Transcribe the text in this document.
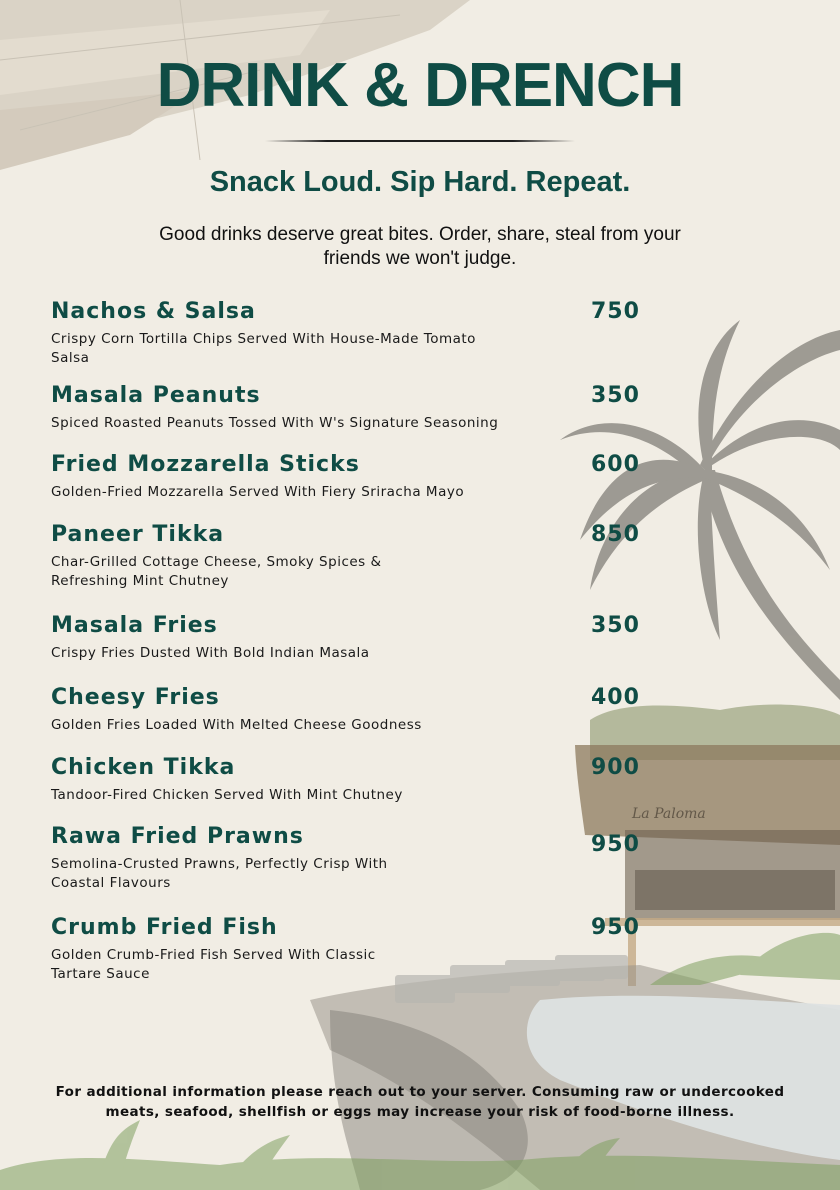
La Paloma
DRINK & DRENCH
Snack Loud. Sip Hard. Repeat.

Good drinks deserve great bites. Order, share, steal from your friends we won't judge.

Nachos & Salsa
Crispy Corn Tortilla Chips Served With House-Made Tomato Salsa
750
Masala Peanuts
Spiced Roasted Peanuts Tossed With W's Signature Seasoning
350
Fried Mozzarella Sticks
Golden-Fried Mozzarella Served With Fiery Sriracha Mayo
600
Paneer Tikka
Char-Grilled Cottage Cheese, Smoky Spices & Refreshing Mint Chutney
850
Masala Fries
Crispy Fries Dusted With Bold Indian Masala
350
Cheesy Fries
Golden Fries Loaded With Melted Cheese Goodness
400
Chicken Tikka
Tandoor-Fired Chicken Served With Mint Chutney
900
Rawa Fried Prawns
Semolina-Crusted Prawns, Perfectly Crisp With Coastal Flavours
950
Crumb Fried Fish
Golden Crumb-Fried Fish Served With Classic Tartare Sauce
950

For additional information please reach out to your server. Consuming raw or undercooked meats, seafood, shellfish or eggs may increase your risk of food-borne illness.
